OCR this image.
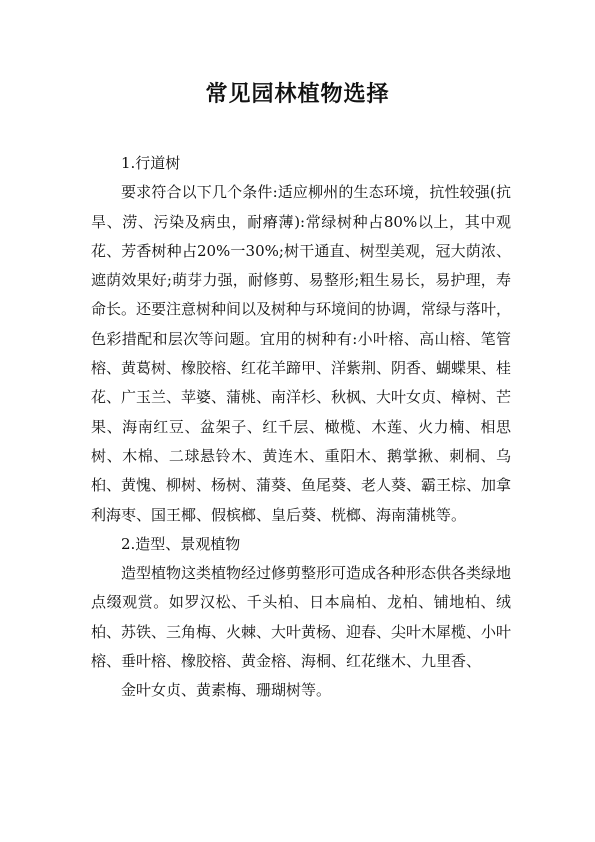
常见园林植物选择

1.行道树

要求符合以下几个条件:适应柳州的生态环境，抗性较强(抗旱、涝、污染及病虫，耐瘠薄):常绿树种占80%以上，其中观花、芳香树种占20%一30%;树干通直、树型美观，冠大荫浓、遮荫效果好;萌芽力强，耐修剪、易整形;粗生易长，易护理，寿命长。还要注意树种间以及树种与环境间的协调，常绿与落叶，色彩措配和层次等问题。宜用的树种有:小叶榕、高山榕、笔管榕、黄葛树、橡胶榕、红花羊蹄甲、洋紫荆、阴香、蝴蝶果、桂花、广玉兰、苹婆、蒲桃、南洋杉、秋枫、大叶女贞、樟树、芒果、海南红豆、盆架子、红千层、橄榄、木莲、火力楠、相思树、木棉、二球悬铃木、黄连木、重阳木、鹅掌揪、刺桐、乌桕、黄愧、柳树、杨树、蒲葵、鱼尾葵、老人葵、霸王棕、加拿利海枣、国王椰、假槟榔、皇后葵、桄榔、海南蒲桃等。

2.造型、景观植物

造型植物这类植物经过修剪整形可造成各种形态供各类绿地点缀观赏。如罗汉松、千头柏、日本扁柏、龙柏、铺地柏、绒柏、苏铁、三角梅、火棘、大叶黄杨、迎春、尖叶木犀榄、小叶榕、垂叶榕、橡胶榕、黄金榕、海桐、红花继木、九里香、

金叶女贞、黄素梅、珊瑚树等。
